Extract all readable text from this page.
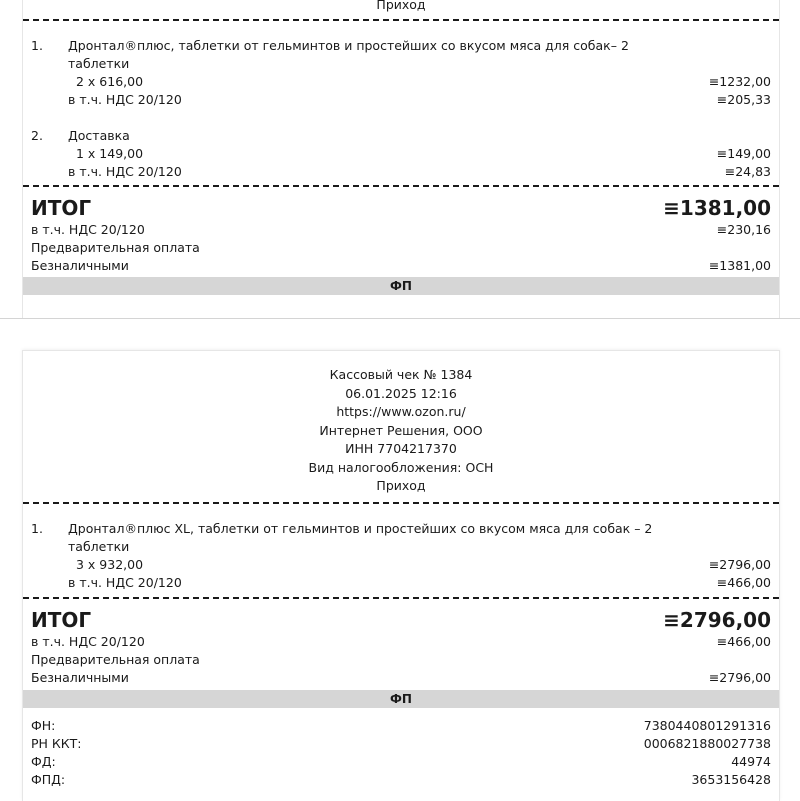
Приход
1.	Дронтал®плюс, таблетки от гельминтов и простейших со вкусом мяса для собак– 2 таблетки
2 x 616,00	≡1232,00
в т.ч. НДС 20/120	≡205,33
2.	Доставка
1 x 149,00	≡149,00
в т.ч. НДС 20/120	≡24,83
ИТОГ	≡1381,00
в т.ч. НДС 20/120	≡230,16
Предварительная оплата
Безналичными	≡1381,00
ФП
Кассовый чек № 1384
06.01.2025 12:16
https://www.ozon.ru/
Интернет Решения, ООО
ИНН 7704217370
Вид налогообложения: ОСН
Приход
1.	Дронтал®плюс XL, таблетки от гельминтов и простейших со вкусом мяса для собак – 2 таблетки
3 x 932,00	≡2796,00
в т.ч. НДС 20/120	≡466,00
ИТОГ	≡2796,00
в т.ч. НДС 20/120	≡466,00
Предварительная оплата
Безналичными	≡2796,00
ФП
ФН:	7380440801291316
РН ККТ:	0006821880027738
ФД:	44974
ФПД:	3653156428
